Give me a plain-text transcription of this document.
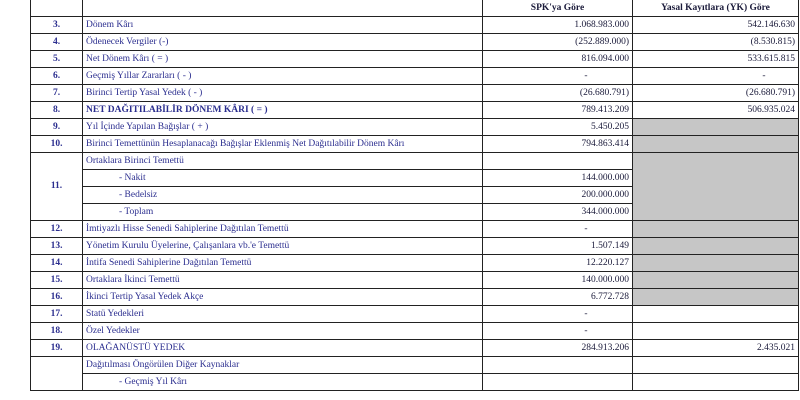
		SPK'ya Göre	Yasal Kayıtlara (YK) Göre
3.	Dönem Kârı	1.068.983.000	542.146.630
4.	Ödenecek Vergiler (-)	(252.889.000)	(8.530.815)
5.	Net Dönem Kârı ( = )	816.094.000	533.615.815
6.	Geçmiş Yıllar Zararları ( - )	-	-
7.	Birinci Tertip Yasal Yedek ( - )	(26.680.791)	(26.680.791)
8.	NET DAĞITILABİLİR DÖNEM KÂRI ( = )	789.413.209	506.935.024
9.	Yıl İçinde Yapılan Bağışlar ( + )	5.450.205	
10.	Birinci Temettünün Hesaplanacağı Bağışlar Eklenmiş Net Dağıtılabilir Dönem Kârı	794.863.414	
11.	Ortaklara Birinci Temettü		
	- Nakit	144.000.000	
	- Bedelsiz	200.000.000	
	- Toplam	344.000.000	
12.	İmtiyazlı Hisse Senedi Sahiplerine Dağıtılan Temettü	-	
13.	Yönetim Kurulu Üyelerine, Çalışanlara vb.'e Temettü	1.507.149	
14.	İntifa Senedi Sahiplerine Dağıtılan Temettü	12.220.127	
15.	Ortaklara İkinci Temettü	140.000.000	
16.	İkinci Tertip Yasal Yedek Akçe	6.772.728	
17.	Statü Yedekleri	-	
18.	Özel Yedekler	-	
19.	OLAĞANÜSTÜ YEDEK	284.913.206	2.435.021
	Dağıtılması Öngörülen Diğer Kaynaklar		
	- Geçmiş Yıl Kârı		
